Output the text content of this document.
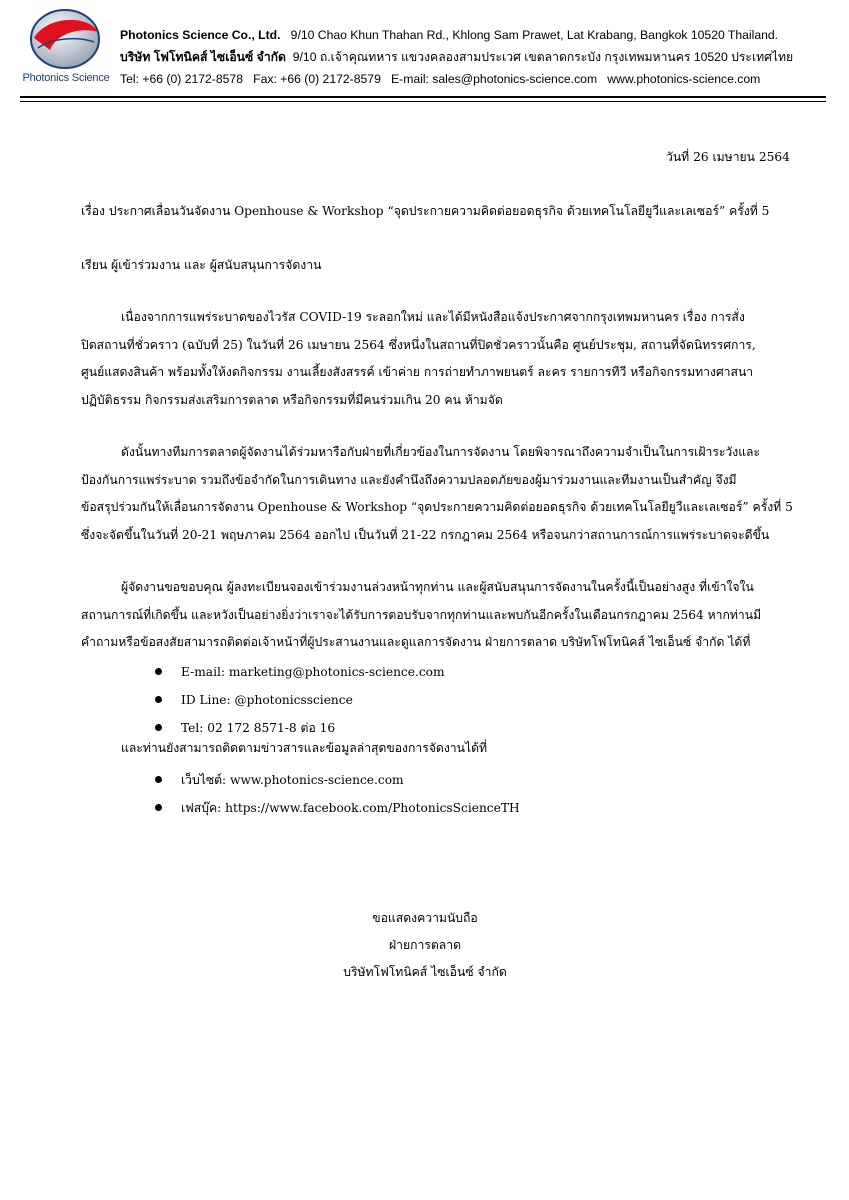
Photonics Science
Photonics Science Co., Ltd. 9/10 Chao Khun Thahan Rd., Khlong Sam Prawet, Lat Krabang, Bangkok 10520 Thailand.
บริษัท โฟโทนิคส์ ไซเอ็นซ์ จำกัด 9/10 ถ.เจ้าคุณทหาร แขวงคลองสามประเวศ เขตลาดกระบัง กรุงเทพมหานคร 10520 ประเทศไทย
Tel: +66 (0) 2172-8578   Fax: +66 (0) 2172-8579   E-mail: sales@photonics-science.com   www.photonics-science.com
วันที่ 26 เมษายน 2564
เรื่อง ประกาศเลื่อนวันจัดงาน Openhouse & Workshop “จุดประกายความคิดต่อยอดธุรกิจ ด้วยเทคโนโลยียูวีและเลเซอร์” ครั้งที่ 5
เรียน ผู้เข้าร่วมงาน และ ผู้สนับสนุนการจัดงาน
เนื่องจากการแพร่ระบาดของไวรัส COVID-19 ระลอกใหม่ และได้มีหนังสือแจ้งประกาศจากกรุงเทพมหานคร เรื่อง การสั่ง
ปิดสถานที่ชั่วคราว (ฉบับที่ 25) ในวันที่ 26 เมษายน 2564 ซึ่งหนึ่งในสถานที่ปิดชั่วคราวนั้นคือ ศูนย์ประชุม, สถานที่จัดนิทรรศการ,
ศูนย์แสดงสินค้า พร้อมทั้งให้งดกิจกรรม งานเลี้ยงสังสรรค์ เข้าค่าย การถ่ายทำภาพยนตร์ ละคร รายการทีวี หรือกิจกรรมทางศาสนา
ปฏิบัติธรรม กิจกรรมส่งเสริมการตลาด หรือกิจกรรมที่มีคนร่วมเกิน 20 คน ห้ามจัด
ดังนั้นทางทีมการตลาดผู้จัดงานได้ร่วมหารือกับฝ่ายที่เกี่ยวข้องในการจัดงาน โดยพิจารณาถึงความจำเป็นในการเฝ้าระวังและ
ป้องกันการแพร่ระบาด รวมถึงข้อจำกัดในการเดินทาง และยังคำนึงถึงความปลอดภัยของผู้มาร่วมงานและทีมงานเป็นสำคัญ จึงมี
ข้อสรุปร่วมกันให้เลื่อนการจัดงาน Openhouse & Workshop “จุดประกายความคิดต่อยอดธุรกิจ ด้วยเทคโนโลยียูวีและเลเซอร์” ครั้งที่ 5
ซึ่งจะจัดขึ้นในวันที่ 20-21 พฤษภาคม 2564 ออกไป เป็นวันที่ 21-22 กรกฎาคม 2564 หรือจนกว่าสถานการณ์การแพร่ระบาดจะดีขึ้น
ผู้จัดงานขอขอบคุณ ผู้ลงทะเบียนจองเข้าร่วมงานล่วงหน้าทุกท่าน และผู้สนับสนุนการจัดงานในครั้งนี้เป็นอย่างสูง ที่เข้าใจใน
สถานการณ์ที่เกิดขึ้น และหวังเป็นอย่างยิ่งว่าเราจะได้รับการตอบรับจากทุกท่านและพบกันอีกครั้งในเดือนกรกฎาคม 2564 หากท่านมี
คำถามหรือข้อสงสัยสามารถติดต่อเจ้าหน้าที่ผู้ประสานงานและดูแลการจัดงาน ฝ่ายการตลาด บริษัทโฟโทนิคส์ ไซเอ็นซ์ จำกัด ได้ที่
E-mail: marketing@photonics-science.com
ID Line: @photonicsscience
Tel: 02 172 8571-8 ต่อ 16
และท่านยังสามารถติดตามข่าวสารและข้อมูลล่าสุดของการจัดงานได้ที่
เว็บไซต์: www.photonics-science.com
เฟสบุ๊ค: https://www.facebook.com/PhotonicsScienceTH
ขอแสดงความนับถือ
ฝ่ายการตลาด
บริษัทโฟโทนิคส์ ไซเอ็นซ์ จำกัด
